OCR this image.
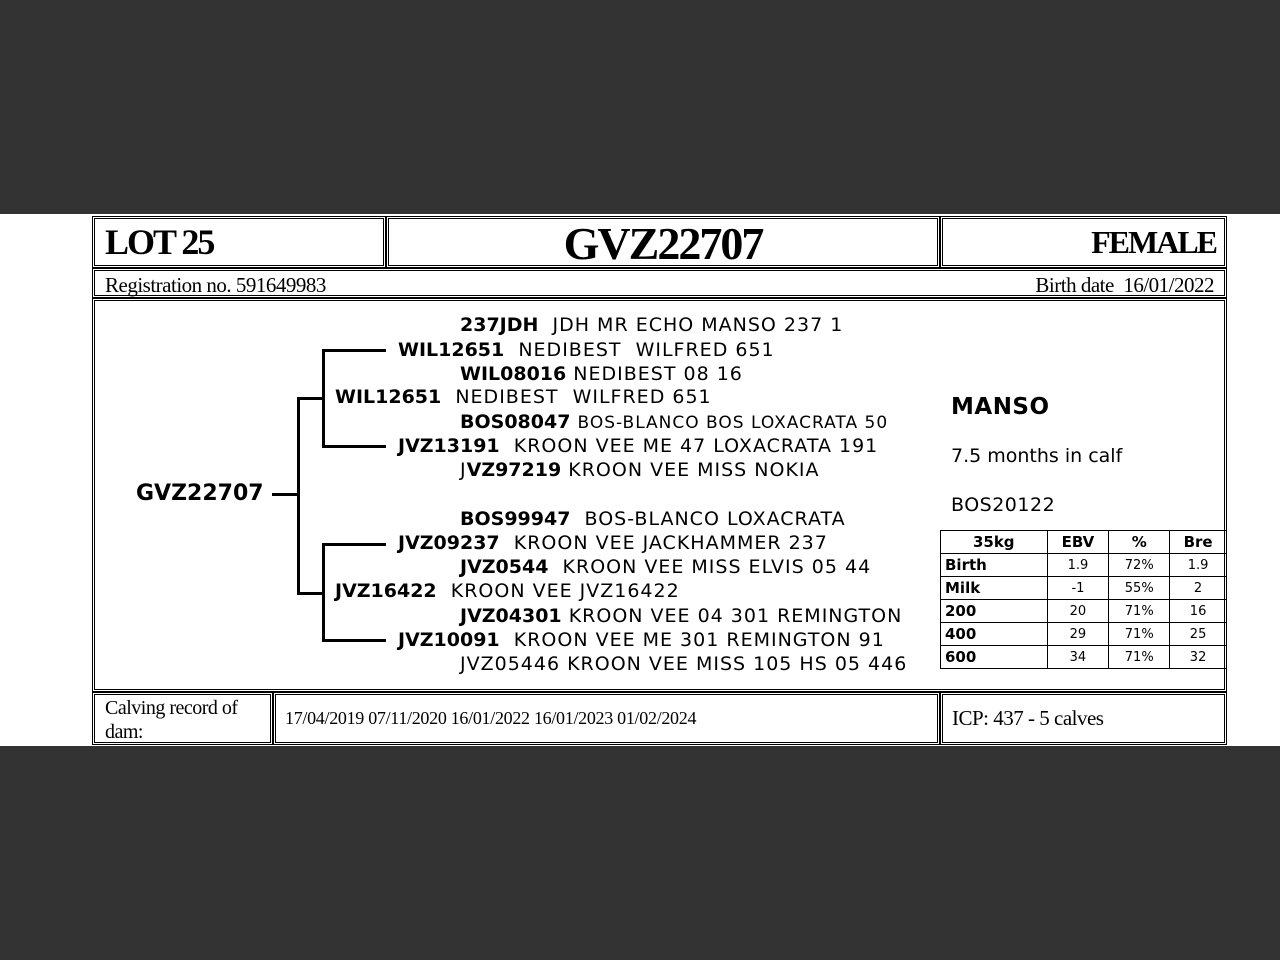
LOT 25	GVZ22707	FEMALE
Registration no. 591649983	Birth date  16/01/2022
GVZ22707
237JDH JDH MR ECHO MANSO 237 1
WIL12651 NEDIBEST  WILFRED 651
WIL08016 NEDIBEST 08 16
WIL12651 NEDIBEST  WILFRED 651
BOS08047 BOS-BLANCO BOS LOXACRATA 50
JVZ13191 KROON VEE ME 47 LOXACRATA 191
JVZ97219 KROON VEE MISS NOKIA
BOS99947 BOS-BLANCO LOXACRATA
JVZ09237 KROON VEE JACKHAMMER 237
JVZ0544 KROON VEE MISS ELVIS 05 44
JVZ16422 KROON VEE JVZ16422
JVZ04301 KROON VEE 04 301 REMINGTON
JVZ10091 KROON VEE ME 301 REMINGTON 91
JVZ05446 KROON VEE MISS 105 HS 05 446
MANSO
7.5 months in calf
BOS20122
35kg	EBV	%	Bre
Birth	1.9	72%	1.9
Milk	-1	55%	2
200	20	71%	16
400	29	71%	25
600	34	71%	32
Calving record of dam:
17/04/2019 07/11/2020 16/01/2022 16/01/2023 01/02/2024	ICP: 437 - 5 calves
